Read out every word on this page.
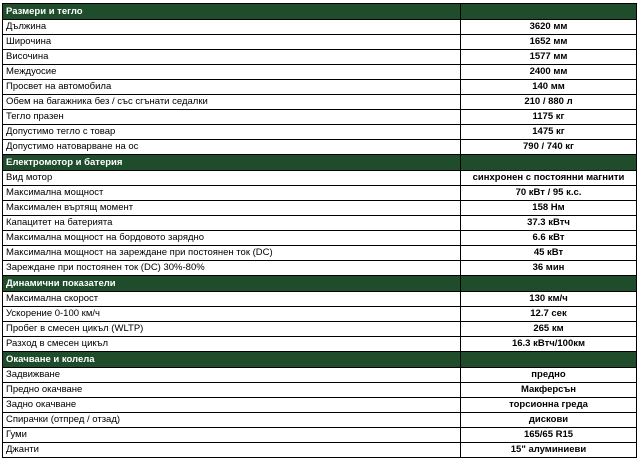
Размери и тегло	
Дължина	3620 мм
Широчина	1652 мм
Височина	1577 мм
Междуосие	2400 мм
Просвет на автомобила	140 мм
Обем на багажника без / със сгънати седалки	210 / 880 л
Тегло празен	1175 кг
Допустимо тегло с товар	1475 кг
Допустимо натоварване на ос	790 / 740 кг
Електромотор и батерия	
Вид мотор	синхронен с постоянни магнити
Максимална мощност	70 кВт / 95 к.с.
Максимален въртящ момент	158 Нм
Капацитет на батерията	37.3 кВтч
Максимална мощност на бордовото зарядно	6.6 кВт
Максимална мощност на зареждане при постоянен ток (DC)	45 кВт
Зареждане при постоянен ток (DC) 30%-80%	36 мин
Динамични показатели	
Максимална скорост	130 км/ч
Ускорение 0-100 км/ч	12.7 сек
Пробег в смесен цикъл (WLTP)	265 км
Разход в смесен цикъл	16.3 кВтч/100км
Окачване и колела	
Задвижване	предно
Предно окачване	Макферсън
Задно окачване	торсионна греда
Спирачки (отпред / отзад)	дискови
Гуми	165/65 R15
Джанти	15" алуминиеви
